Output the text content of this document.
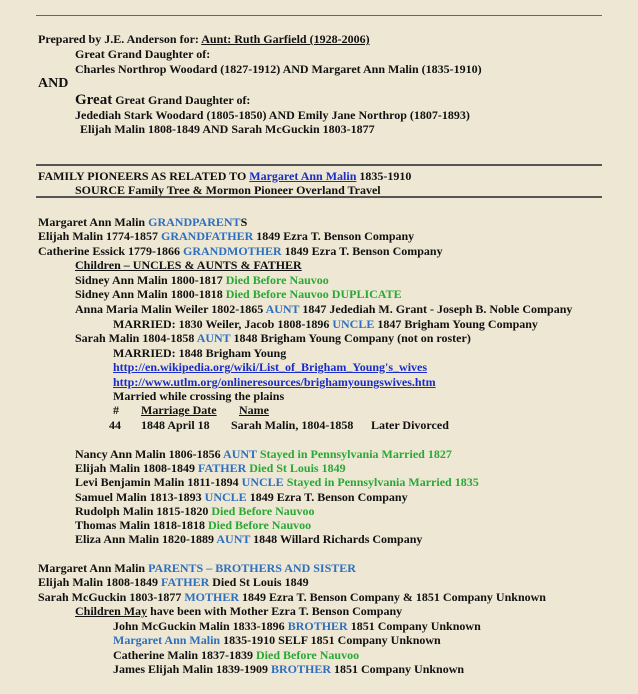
Prepared by J.E. Anderson for: Aunt: Ruth Garfield (1928-2006)
Great Grand Daughter of:
Charles Northrop Woodard (1827-1912) AND Margaret Ann Malin (1835-1910)
AND
Great Great Grand Daughter of:
Jedediah Stark Woodard (1805-1850) AND Emily Jane Northrop (1807-1893)
Elijah Malin 1808-1849 AND Sarah McGuckin 1803-1877
FAMILY PIONEERS AS RELATED TO Margaret Ann Malin 1835-1910
SOURCE Family Tree & Mormon Pioneer Overland Travel
Margaret Ann Malin GRANDPARENTS
Elijah Malin 1774-1857 GRANDFATHER 1849 Ezra T. Benson Company
Catherine Essick 1779-1866 GRANDMOTHER 1849 Ezra T. Benson Company
Children – UNCLES & AUNTS & FATHER
Sidney Ann Malin 1800-1817 Died Before Nauvoo
Sidney Ann Malin 1800-1818 Died Before Nauvoo DUPLICATE
Anna Maria Malin Weiler 1802-1865 AUNT 1847 Jedediah M. Grant - Joseph B. Noble Company
MARRIED: 1830 Weiler, Jacob 1808-1896 UNCLE 1847 Brigham Young Company
Sarah Malin 1804-1858 AUNT 1848 Brigham Young Company (not on roster)
MARRIED: 1848 Brigham Young
http://en.wikipedia.org/wiki/List_of_Brigham_Young's_wives
http://www.utlm.org/onlineresources/brighamyoungswives.htm
Married while crossing the plains
# Marriage Date Name
44 1848 April 18 Sarah Malin, 1804-1858 Later Divorced
Nancy Ann Malin 1806-1856 AUNT Stayed in Pennsylvania Married 1827
Elijah Malin 1808-1849 FATHER Died St Louis 1849
Levi Benjamin Malin 1811-1894 UNCLE Stayed in Pennsylvania Married 1835
Samuel Malin 1813-1893 UNCLE 1849 Ezra T. Benson Company
Rudolph Malin 1815-1820 Died Before Nauvoo
Thomas Malin 1818-1818 Died Before Nauvoo
Eliza Ann Malin 1820-1889 AUNT 1848 Willard Richards Company
Margaret Ann Malin PARENTS – BROTHERS AND SISTER
Elijah Malin 1808-1849 FATHER Died St Louis 1849
Sarah McGuckin 1803-1877 MOTHER 1849 Ezra T. Benson Company & 1851 Company Unknown
Children May have been with Mother Ezra T. Benson Company
John McGuckin Malin 1833-1896 BROTHER 1851 Company Unknown
Margaret Ann Malin 1835-1910 SELF 1851 Company Unknown
Catherine Malin 1837-1839 Died Before Nauvoo
James Elijah Malin 1839-1909 BROTHER 1851 Company Unknown
